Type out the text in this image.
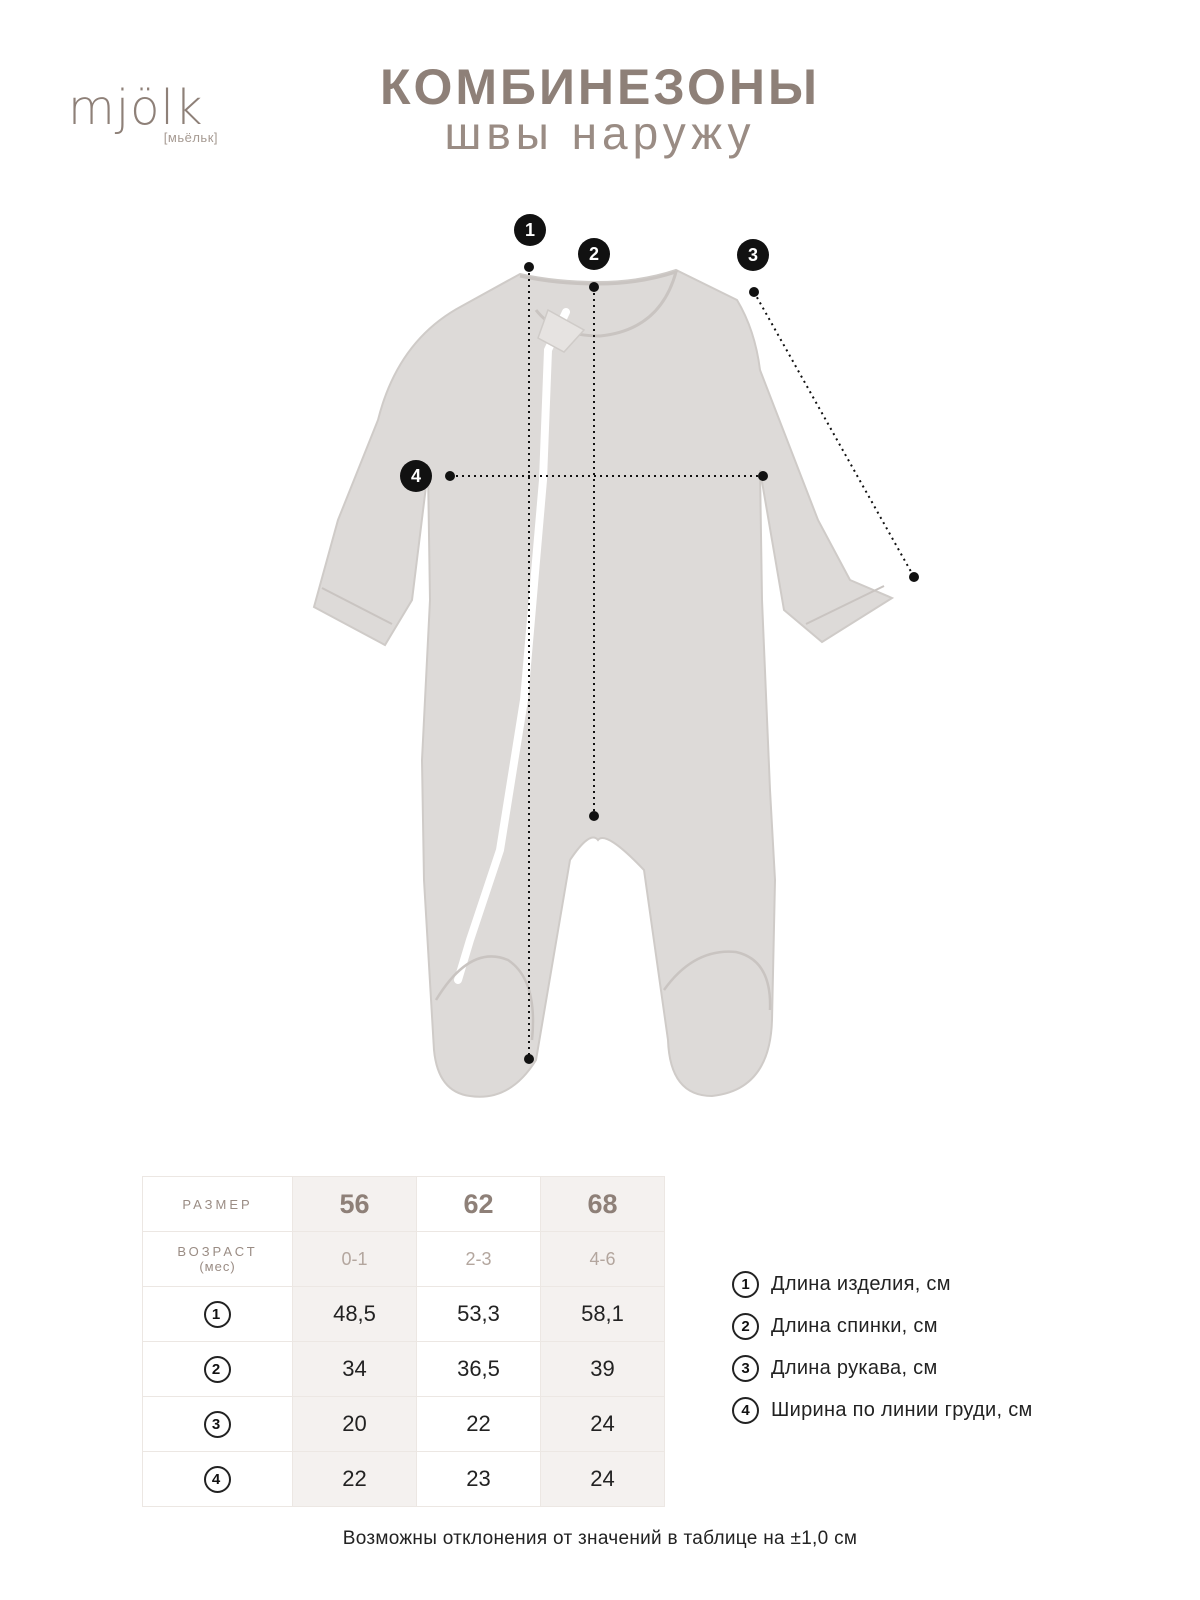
mjölk
[мьёльк]
КОМБИНЕЗОНЫ
швы наружу
1
2	3
4
РАЗМЕР	56	62	68
ВОЗРАСТ
(мес)	0-1	2-3	4-6
1	48,5	53,3	58,1
2	34	36,5	39
3	20	22	24
4	22	23	24
1	Длина изделия, см
2	Длина спинки, см
3	Длина рукава, см
4	Ширина по линии груди, см
Возможны отклонения от значений в таблице на ±1,0 см
